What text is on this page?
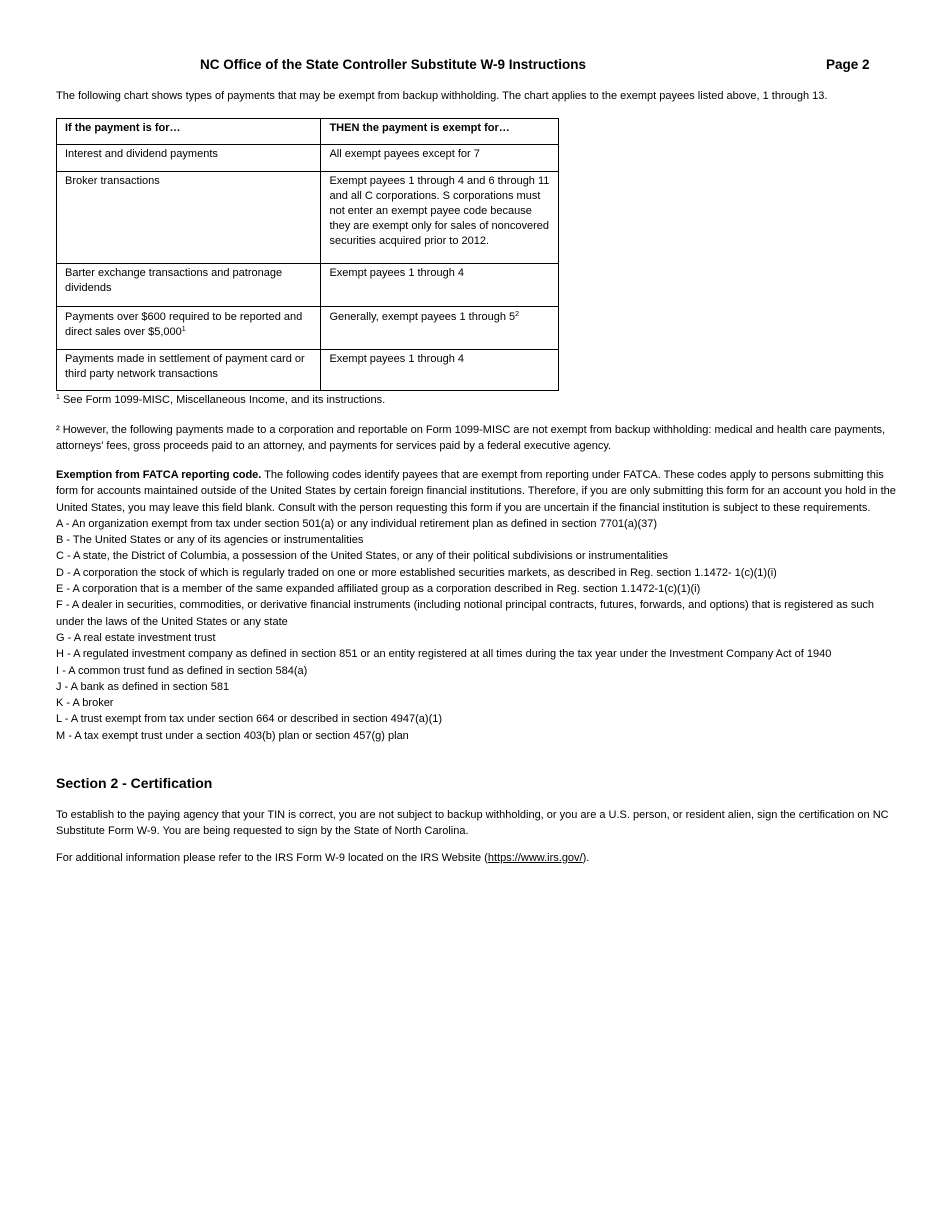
NC Office of the State Controller Substitute W-9 Instructions	Page 2
The following chart shows types of payments that may be exempt from backup withholding. The chart applies to the exempt payees listed above, 1 through 13.
If the payment is for…	THEN the payment is exempt for…
Interest and dividend payments	All exempt payees except for 7
Broker transactions	Exempt payees 1 through 4 and 6 through 11 and all C corporations. S corporations must not enter an exempt payee code because they are exempt only for sales of noncovered securities acquired prior to 2012.
Barter exchange transactions and patronage dividends	Exempt payees 1 through 4
Payments over $600 required to be reported and direct sales over $5,000$^1$	Generally, exempt payees 1 through $5^2$
Payments made in settlement of payment card or third party network transactions	Exempt payees 1 through 4
$^1$ See Form 1099-MISC, Miscellaneous Income, and its instructions.
² However, the following payments made to a corporation and reportable on Form 1099-MISC are not exempt from backup withholding: medical and health care payments, attorneys' fees, gross proceeds paid to an attorney, and payments for services paid by a federal executive agency.
Exemption from FATCA reporting code. The following codes identify payees that are exempt from reporting under FATCA. These codes apply to persons submitting this form for accounts maintained outside of the United States by certain foreign financial institutions. Therefore, if you are only submitting this form for an account you hold in the United States, you may leave this field blank. Consult with the person requesting this form if you are uncertain if the financial institution is subject to these requirements.
A - An organization exempt from tax under section 501(a) or any individual retirement plan as defined in section 7701(a)(37)
B - The United States or any of its agencies or instrumentalities
C - A state, the District of Columbia, a possession of the United States, or any of their political subdivisions or instrumentalities
D - A corporation the stock of which is regularly traded on one or more established securities markets, as described in Reg. section 1.1472- 1(c)(1)(i)
E - A corporation that is a member of the same expanded affiliated group as a corporation described in Reg. section 1.1472-1(c)(1)(i)
F - A dealer in securities, commodities, or derivative financial instruments (including notional principal contracts, futures, forwards, and options) that is registered as such under the laws of the United States or any state
G - A real estate investment trust
H - A regulated investment company as defined in section 851 or an entity registered at all times during the tax year under the Investment Company Act of 1940
I - A common trust fund as defined in section 584(a)
J - A bank as defined in section 581
K - A broker
L - A trust exempt from tax under section 664 or described in section 4947(a)(1)
M - A tax exempt trust under a section 403(b) plan or section 457(g) plan
Section 2 - Certification
To establish to the paying agency that your TIN is correct, you are not subject to backup withholding, or you are a U.S. person, or resident alien, sign the certification on NC Substitute Form W-9. You are being requested to sign by the State of North Carolina.
For additional information please refer to the IRS Form W-9 located on the IRS Website (https://www.irs.gov/).
